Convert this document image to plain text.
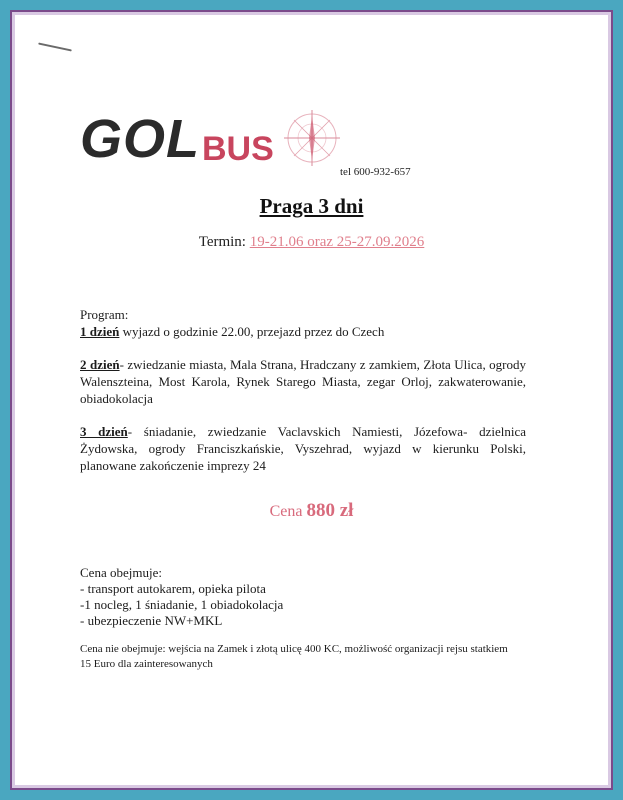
GOL BUS
tel 600-932-657
Praga 3 dni
Termin: 19-21.06 oraz 25-27.09.2026

Program:

1 dzień wyjazd o godzinie 22.00, przejazd przez do Czech

2 dzień- zwiedzanie miasta, Mala Strana, Hradczany z zamkiem, Złota Ulica, ogrody Walenszteina, Most Karola, Rynek Starego Miasta, zegar Orloj, zakwaterowanie, obiadokolacja

3 dzień- śniadanie, zwiedzanie Vaclavskich Namiesti, Józefowa- dzielnica Żydowska, ogrody Franciszkańskie, Vyszehrad, wyjazd w kierunku Polski, planowane zakończenie imprezy 24

Cena 880 zł

Cena obejmuje:

- transport autokarem, opieka pilota

-1 nocleg, 1 śniadanie, 1 obiadokolacja

- ubezpieczenie NW+MKL

Cena nie obejmuje: wejścia na Zamek i złotą ulicę 400 KC, możliwość organizacji rejsu statkiem 15 Euro dla zainteresowanych
